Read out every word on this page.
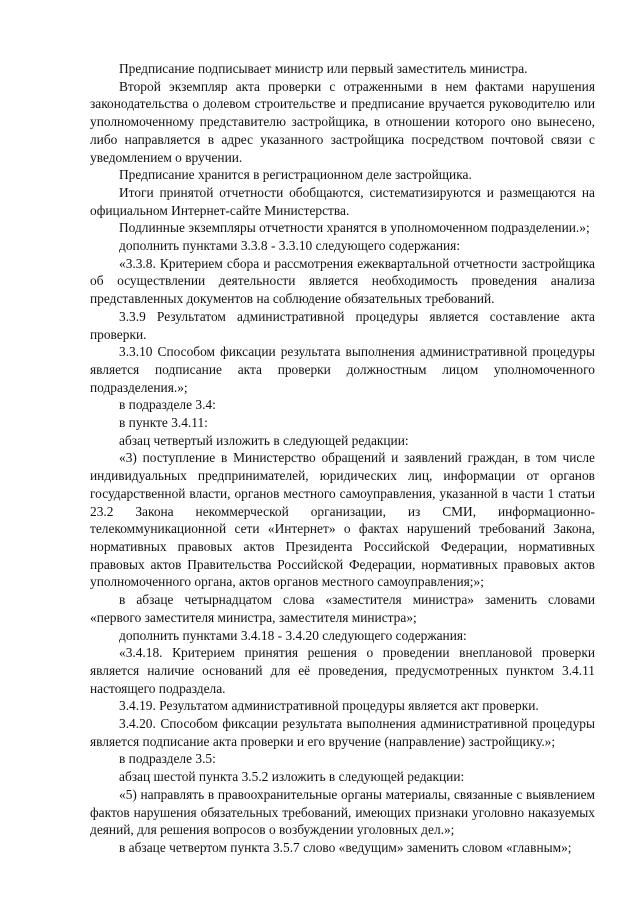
Предписание подписывает министр или первый заместитель министра.

Второй экземпляр акта проверки с отраженными в нем фактами нарушения законодательства о долевом строительстве и предписание вручается руководителю или уполномоченному представителю застройщика, в отношении которого оно вынесено, либо направляется в адрес указанного застройщика посредством почтовой связи с уведомлением о вручении.

Предписание хранится в регистрационном деле застройщика.

Итоги принятой отчетности обобщаются, систематизируются и размещаются на официальном Интернет-сайте Министерства.

Подлинные экземпляры отчетности хранятся в уполномоченном подразделении.»;

дополнить пунктами 3.3.8 - 3.3.10 следующего содержания:

«3.3.8. Критерием сбора и рассмотрения ежеквартальной отчетности застройщика об осуществлении деятельности является необходимость проведения анализа представленных документов на соблюдение обязательных требований.

3.3.9 Результатом административной процедуры является составление акта проверки.

3.3.10 Способом фиксации результата выполнения административной процедуры является подписание акта проверки должностным лицом уполномоченного подразделения.»;

в подразделе 3.4:

в пункте 3.4.11:

абзац четвертый изложить в следующей редакции:

«3) поступление в Министерство обращений и заявлений граждан, в том числе индивидуальных предпринимателей, юридических лиц, информации от органов государственной власти, органов местного самоуправления, указанной в части 1 статьи 23.2 Закона некоммерческой организации, из СМИ, информационно-телекоммуникационной сети «Интернет» о фактах нарушений требований Закона, нормативных правовых актов Президента Российской Федерации, нормативных правовых актов Правительства Российской Федерации, нормативных правовых актов уполномоченного органа, актов органов местного самоуправления;»;

в абзаце четырнадцатом слова «заместителя министра» заменить словами «первого заместителя министра, заместителя министра»;

дополнить пунктами 3.4.18 - 3.4.20 следующего содержания:

«3.4.18. Критерием принятия решения о проведении внеплановой проверки является наличие оснований для её проведения, предусмотренных пунктом 3.4.11 настоящего подраздела.

3.4.19. Результатом административной процедуры является акт проверки.

3.4.20. Способом фиксации результата выполнения административной процедуры является подписание акта проверки и его вручение (направление) застройщику.»;

в подразделе 3.5:

абзац шестой пункта 3.5.2 изложить в следующей редакции:

«5) направлять в правоохранительные органы материалы, связанные с выявлением фактов нарушения обязательных требований, имеющих признаки уголовно наказуемых деяний, для решения вопросов о возбуждении уголовных дел.»;

в абзаце четвертом пункта 3.5.7 слово «ведущим» заменить словом «главным»;
